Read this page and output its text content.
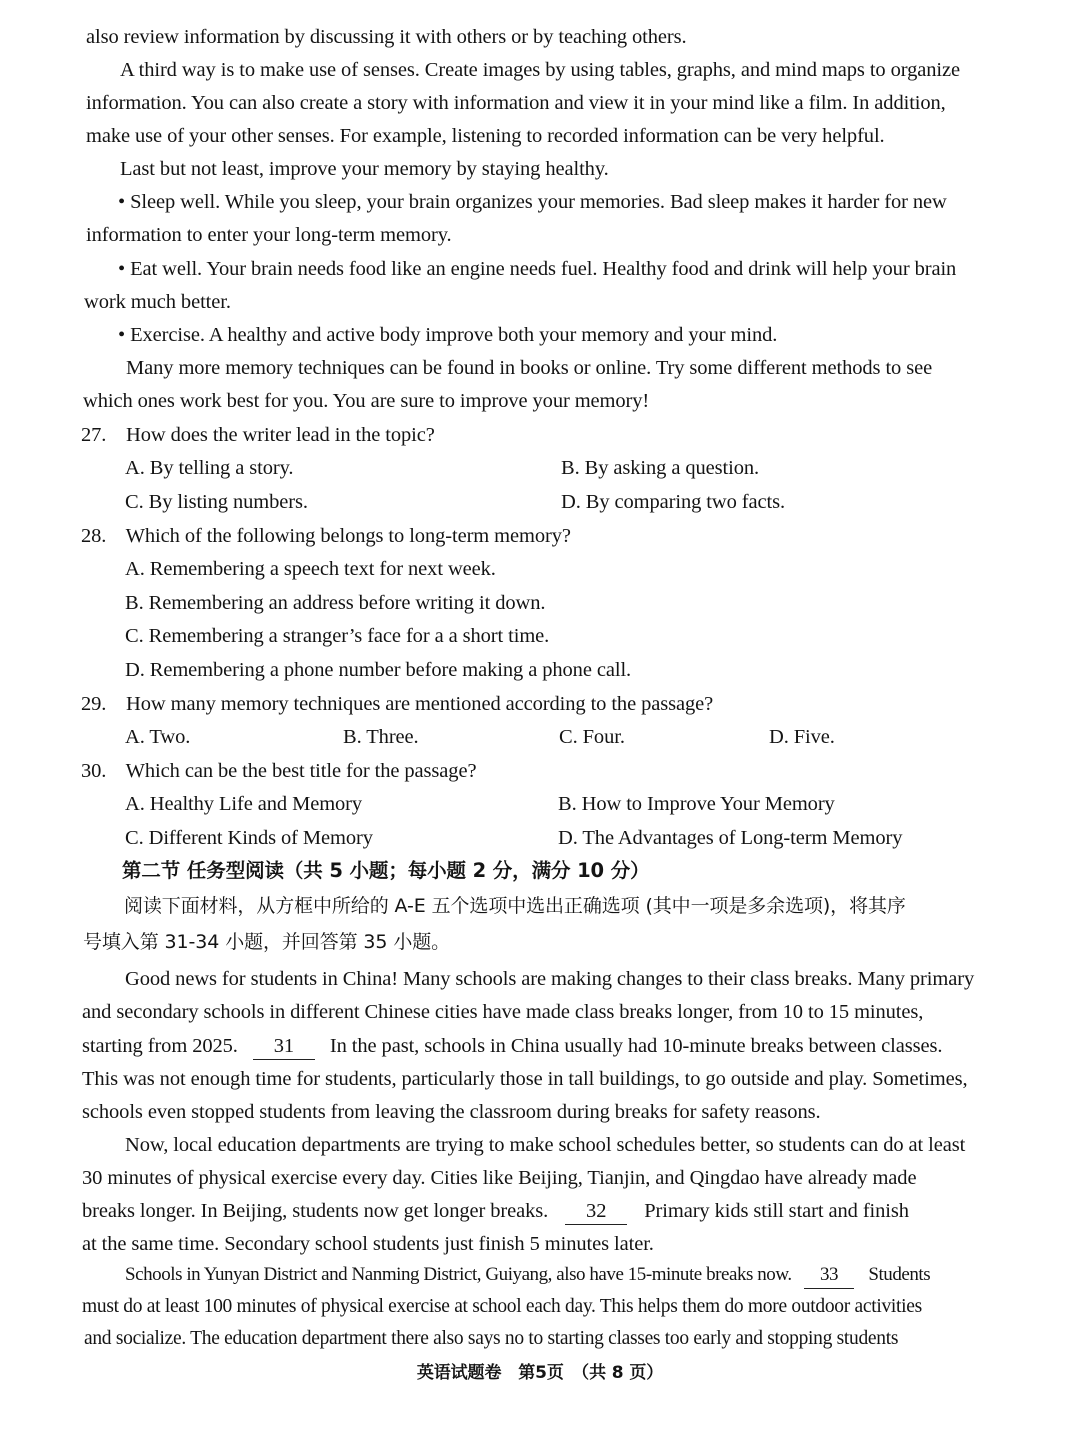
also review information by discussing it with others or by teaching others.
A third way is to make use of senses. Create images by using tables, graphs, and mind maps to organize
information. You can also create a story with information and view it in your mind like a film. In addition,
make use of your other senses. For example, listening to recorded information can be very helpful.
Last but not least, improve your memory by staying healthy.
• Sleep well. While you sleep, your brain organizes your memories. Bad sleep makes it harder for new
information to enter your long-term memory.
• Eat well. Your brain needs food like an engine needs fuel. Healthy food and drink will help your brain
work much better.
• Exercise. A healthy and active body improve both your memory and your mind.
Many more memory techniques can be found in books or online. Try some different methods to see
which ones work best for you. You are sure to improve your memory!
27. How does the writer lead in the topic?
A. By telling a story.	B. By asking a question.
C. By listing numbers.	D. By comparing two facts.
28. Which of the following belongs to long-term memory?
A. Remembering a speech text for next week.
B. Remembering an address before writing it down.
C. Remembering a stranger’s face for a a short time.
D. Remembering a phone number before making a phone call.
29. How many memory techniques are mentioned according to the passage?
A. Two.	B. Three.	C. Four.	D. Five.
30. Which can be the best title for the passage?
A. Healthy Life and Memory	B. How to Improve Your Memory
C. Different Kinds of Memory	D. The Advantages of Long-term Memory
第二节 任务型阅读（共 5 小题；每小题 2 分，满分 10 分）
阅读下面材料，从方框中所给的 A-E 五个选项中选出正确选项 (其中一项是多余选项)，将其序
号填入第 31-34 小题，并回答第 35 小题。
Good news for students in China! Many schools are making changes to their class breaks. Many primary
and secondary schools in different Chinese cities have made class breaks longer, from 10 to 15 minutes,
starting from 2025. 31 In the past, schools in China usually had 10-minute breaks between classes.
This was not enough time for students, particularly those in tall buildings, to go outside and play. Sometimes,
schools even stopped students from leaving the classroom during breaks for safety reasons.
Now, local education departments are trying to make school schedules better, so students can do at least
30 minutes of physical exercise every day. Cities like Beijing, Tianjin, and Qingdao have already made
breaks longer. In Beijing, students now get longer breaks. 32 Primary kids still start and finish
at the same time. Secondary school students just finish 5 minutes later.
Schools in Yunyan District and Nanming District, Guiyang, also have 15-minute breaks now. 33 Students
must do at least 100 minutes of physical exercise at school each day. This helps them do more outdoor activities
and socialize. The education department there also says no to starting classes too early and stopping students
英语试题卷　第5页　（共 8 页）
